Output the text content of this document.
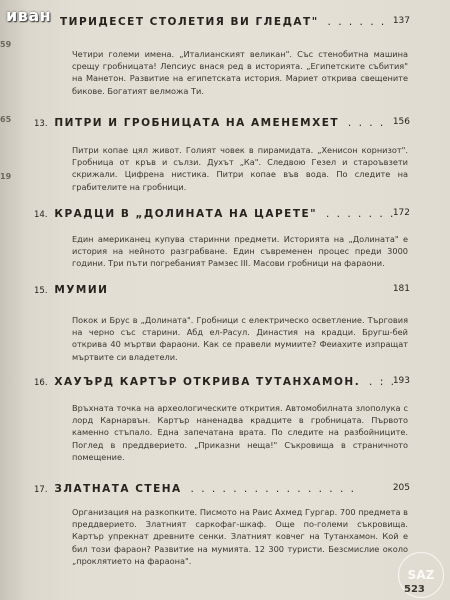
иван
59
65
19
ТИРИДЕСЕТ СТОЛЕТИЯ ВИ ГЛЕДАТ" . . . . . . 137

Четири големи имена. „Италианският великан". Със стенобитна машина срещу гробницата! Лепсиус внася ред в историята. „Египетските събития" на Манетон. Развитие на египетската история. Мариет открива свещените бикове. Богатият велможа Ти.

13. ПИТРИ И ГРОБНИЦАТА НА АМЕНЕМХЕТ . . . . 156

Питри копае цял живот. Голият човек в пирамидата. „Хенисон корнизот". Гробница от кръв и сълзи. Духът „Ка". Следвою Гезел и староъвзети скрижали. Цифрена нистика. Питри копае във вода. По следите на грабителите на гробници.

14. КРАДЦИ В „ДОЛИНАТА НА ЦАРЕТЕ" . . . . . . .
172

Един американец купува старинни предмети. Историята на „Долината" е история на нейното разграбване. Един съвременен процес преди 3000 години. Три пъти погребаният Рамзес III. Масови гробници на фараони.

15. МУМИИ	181

Покок и Брус в „Долината". Гробници с електрическо осветление. Търговия на черно със старини. Абд ел-Расул. Династия на крадци. Бругш-бей открива 40 мъртви фараони. Как се правели мумиите? Феиахите изпращат мъртвите си владетели.

16. ХАУЪРД КАРТЪР ОТКРИВА ТУТАНХАМОН. . : .
193

Връхната точка на археологическите открития. Автомобилната злополука с лорд Карнарвън. Картър наненадва крадците в гробницата. Първото каменно стъпало. Една запечатана врата. По следите на разбойниците. Поглед в преддверието. „Приказни неща!" Съкровища в страничното помещение.

17. ЗЛАТНАТА СТЕНА . . . . . . . . . . . . . . . .	205

Организация на разкопките. Писмото на Раис Ахмед Гургар. 700 предмета в преддверието. Златният саркофаг-шкаф. Още по-големи съкровища. Картър упрекнат древните сенки. Златният ковчег на Тутанхамон. Кой е бил този фараон? Развитие на мумията. 12 300 туристи. Безсмислие около „проклятието на фараона".

SAZ
523
